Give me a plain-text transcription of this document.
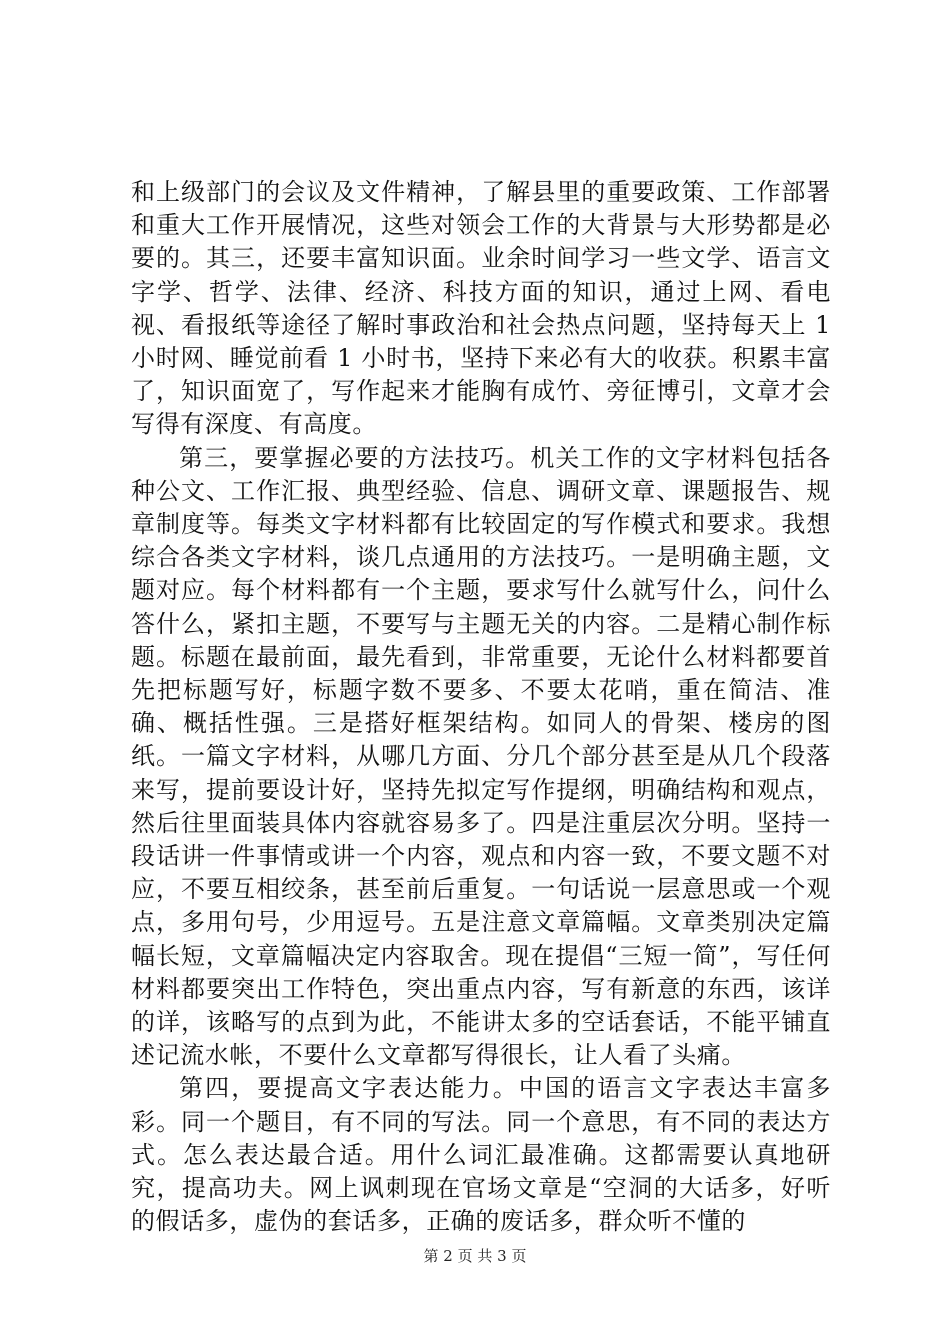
和上级部门的会议及文件精神，了解县里的重要政策、工作部署和重大工作开展情况，这些对领会工作的大背景与大形势都是必要的。其三，还要丰富知识面。业余时间学习一些文学、语言文字学、哲学、法律、经济、科技方面的知识，通过上网、看电视、看报纸等途径了解时事政治和社会热点问题，坚持每天上 1 小时网、睡觉前看 1 小时书，坚持下来必有大的收获。积累丰富了，知识面宽了，写作起来才能胸有成竹、旁征博引，文章才会写得有深度、有高度。

第三，要掌握必要的方法技巧。机关工作的文字材料包括各种公文、工作汇报、典型经验、信息、调研文章、课题报告、规章制度等。每类文字材料都有比较固定的写作模式和要求。我想综合各类文字材料，谈几点通用的方法技巧。一是明确主题，文题对应。每个材料都有一个主题，要求写什么就写什么，问什么答什么，紧扣主题，不要写与主题无关的内容。二是精心制作标题。标题在最前面，最先看到，非常重要，无论什么材料都要首先把标题写好，标题字数不要多、不要太花哨，重在简洁、准确、概括性强。三是搭好框架结构。如同人的骨架、楼房的图纸。一篇文字材料，从哪几方面、分几个部分甚至是从几个段落来写，提前要设计好，坚持先拟定写作提纲，明确结构和观点，然后往里面装具体内容就容易多了。四是注重层次分明。坚持一段话讲一件事情或讲一个内容，观点和内容一致，不要文题不对应，不要互相绞条，甚至前后重复。一句话说一层意思或一个观点，多用句号，少用逗号。五是注意文章篇幅。文章类别决定篇幅长短，文章篇幅决定内容取舍。现在提倡“三短一简”，写任何材料都要突出工作特色，突出重点内容，写有新意的东西，该详的详，该略写的点到为此，不能讲太多的空话套话，不能平铺直述记流水帐，不要什么文章都写得很长，让人看了头痛。

第四，要提高文字表达能力。中国的语言文字表达丰富多彩。同一个题目，有不同的写法。同一个意思，有不同的表达方式。怎么表达最合适。用什么词汇最准确。这都需要认真地研究，提高功夫。网上讽刺现在官场文章是“空洞的大话多，好听的假话多，虚伪的套话多，正确的废话多，群众听不懂的

第 2 页 共 3 页
